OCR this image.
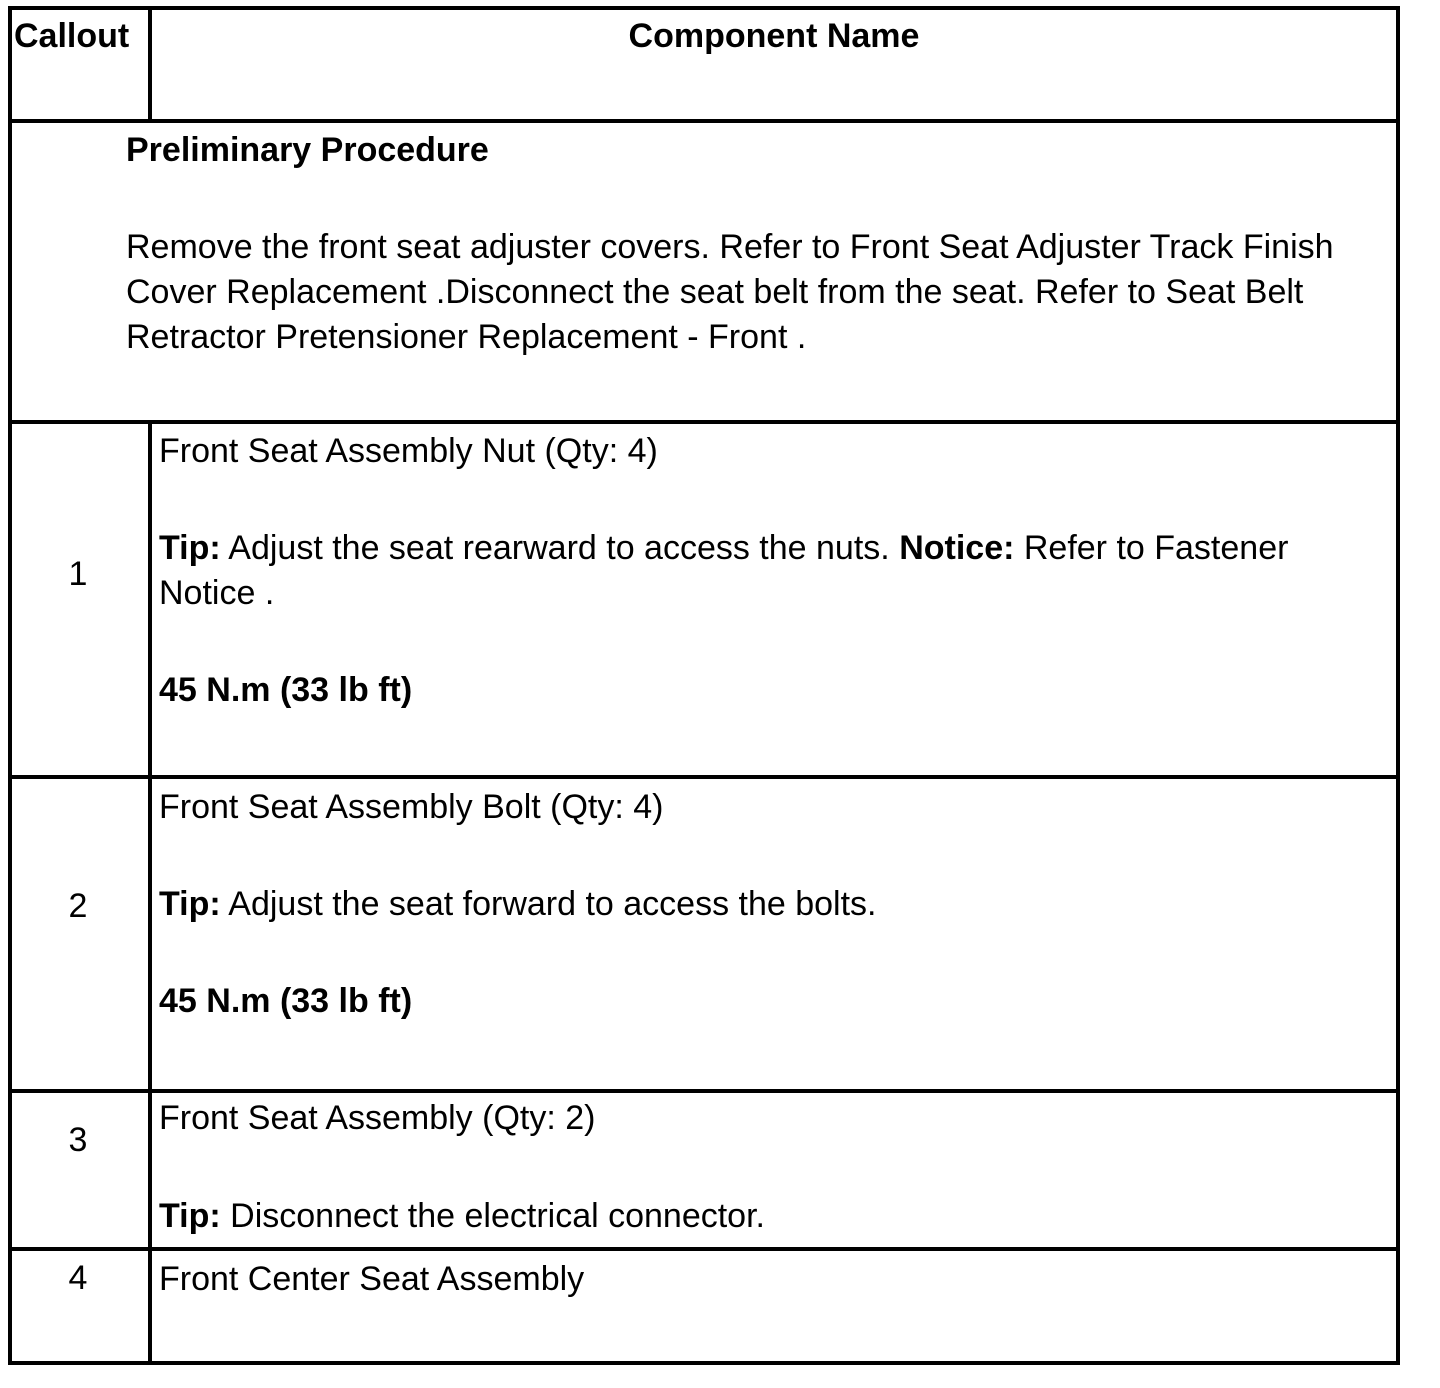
Callout	Component Name

Preliminary Procedure

Remove the front seat adjuster covers. Refer to Front Seat Adjuster Track Finish Cover Replacement .Disconnect the seat belt from the seat. Refer to Seat Belt Retractor Pretensioner Replacement - Front .

1

Front Seat Assembly Nut (Qty: 4)

Tip: Adjust the seat rearward to access the nuts. Notice: Refer to Fastener Notice .

45 N.m (33 lb ft)

2

Front Seat Assembly Bolt (Qty: 4)

Tip: Adjust the seat forward to access the bolts.

45 N.m (33 lb ft)

3

Front Seat Assembly (Qty: 2)

Tip: Disconnect the electrical connector.

4	Front Center Seat Assembly
